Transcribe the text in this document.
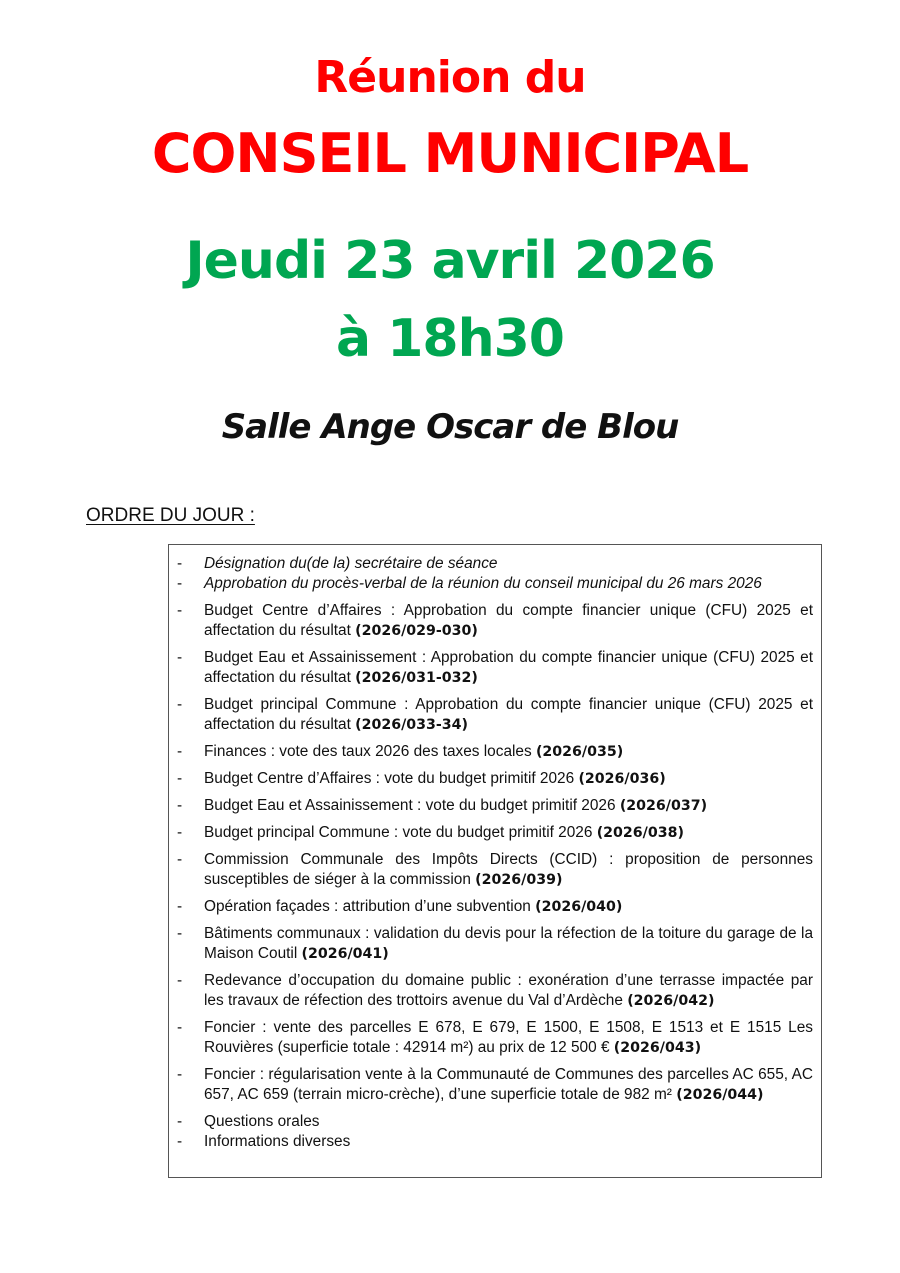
Réunion du
CONSEIL MUNICIPAL
Jeudi 23 avril 2026
à 18h30
Salle Ange Oscar de Blou
ORDRE DU JOUR :
- Désignation du(de la) secrétaire de séance
- Approbation du procès-verbal de la réunion du conseil municipal du 26 mars 2026
- Budget Centre d’Affaires : Approbation du compte financier unique (CFU) 2025 et affectation du résultat (2026/029-030)
- Budget Eau et Assainissement : Approbation du compte financier unique (CFU) 2025 et affectation du résultat (2026/031-032)
- Budget principal Commune : Approbation du compte financier unique (CFU) 2025 et affectation du résultat (2026/033-34)
- Finances : vote des taux 2026 des taxes locales (2026/035)
- Budget Centre d’Affaires : vote du budget primitif 2026 (2026/036)
- Budget Eau et Assainissement : vote du budget primitif 2026 (2026/037)
- Budget principal Commune : vote du budget primitif 2026 (2026/038)
- Commission Communale des Impôts Directs (CCID) : proposition de personnes susceptibles de siéger à la commission (2026/039)
- Opération façades : attribution d’une subvention (2026/040)
- Bâtiments communaux : validation du devis pour la réfection de la toiture du garage de la Maison Coutil (2026/041)
- Redevance d’occupation du domaine public : exonération d’une terrasse impactée par les travaux de réfection des trottoirs avenue du Val d’Ardèche (2026/042)
- Foncier : vente des parcelles E 678, E 679, E 1500, E 1508, E 1513 et E 1515 Les Rouvières (superficie totale : 42914 m²) au prix de 12 500 € (2026/043)
- Foncier : régularisation vente à la Communauté de Communes des parcelles AC 655, AC 657, AC 659 (terrain micro-crèche), d’une superficie totale de 982 m² (2026/044)
- Questions orales
- Informations diverses
